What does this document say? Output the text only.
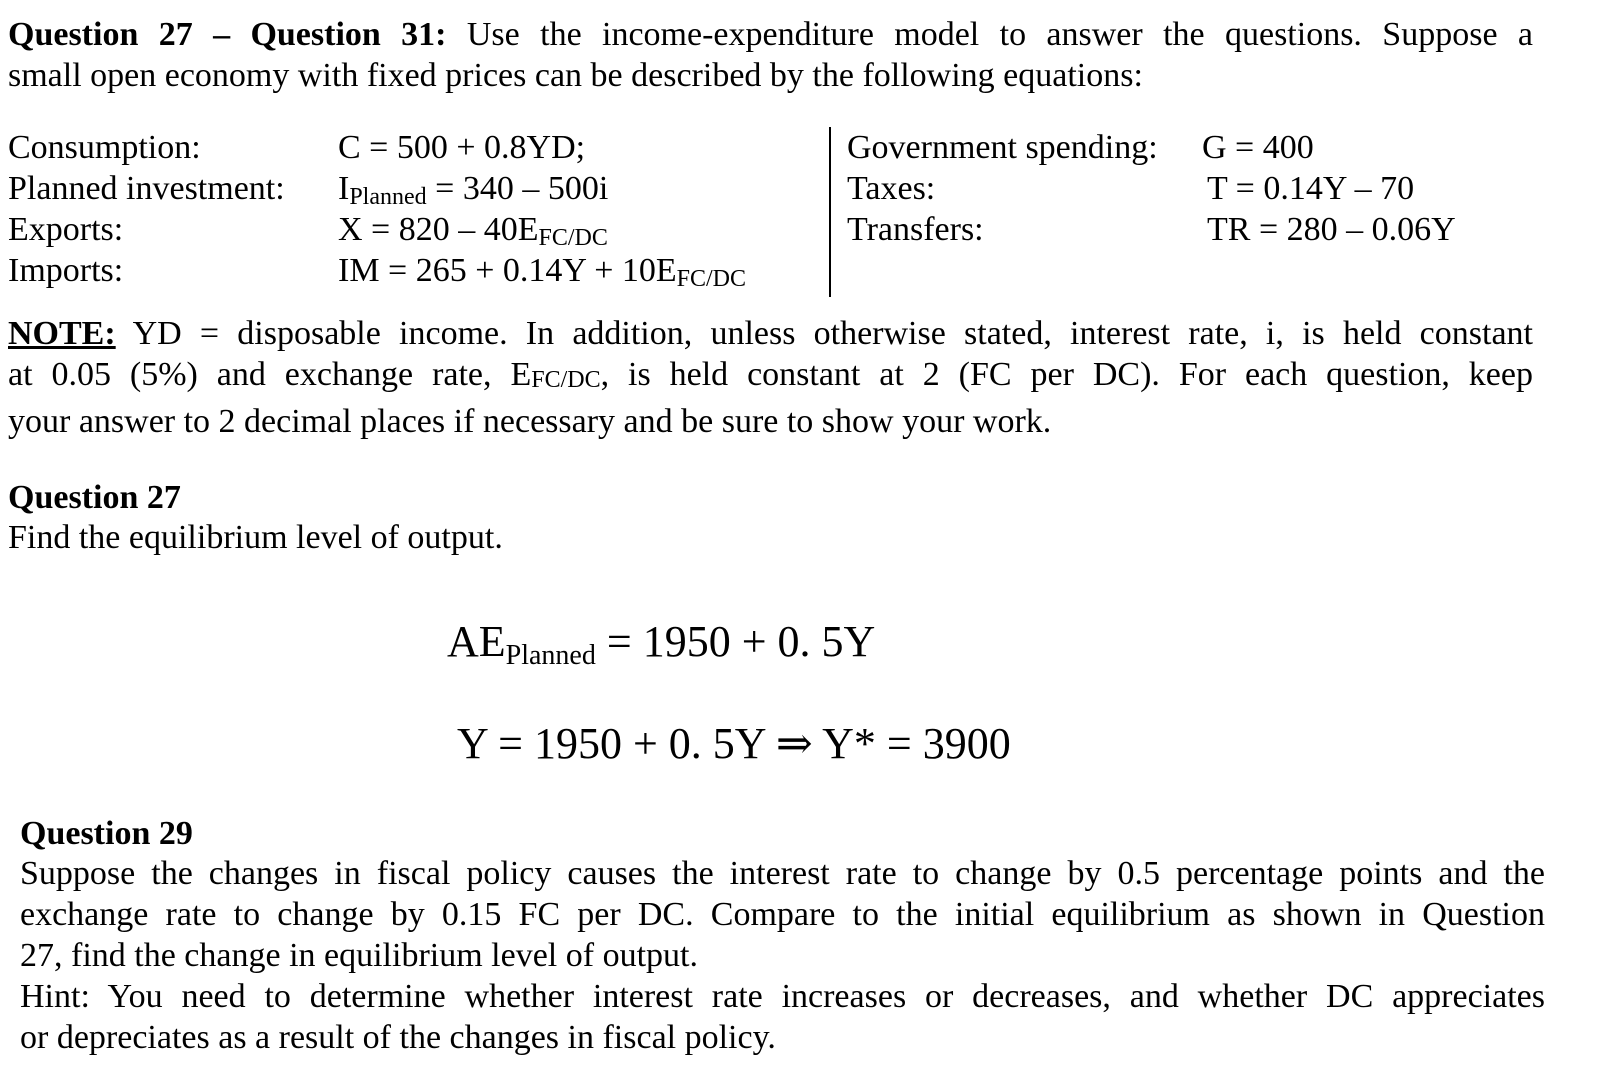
Question 27 – Question 31: Use the income-expenditure model to answer the questions. Suppose a
small open economy with fixed prices can be described by the following equations:
Consumption:	C = 500 + 0.8YD;
Planned investment: $I_{Planned} = 340 - 500i$
Exports:	$X = 820 - 40E_{FC/DC}$
Imports:	IM = $265 + 0.14Y + 10E_{FC/DC}$
Government spending: G = 400
Taxes:	T = 0.14Y – 70
Transfers:	TR = 280 – 0.06Y
NOTE: YD = disposable income. In addition, unless otherwise stated, interest rate, i, is held constant
at 0.05 (5%) and exchange rate, EFC/DC, is held constant at 2 (FC per DC). For each question, keep
your answer to 2 decimal places if necessary and be sure to show your work.
Question 27
Find the equilibrium level of output.
$AE_{Planned} = 1950 + 0$. 5Y
Y = 1950 + 0. 5Y ⇒ Y* = 3900
Question 29
Suppose the changes in fiscal policy causes the interest rate to change by 0.5 percentage points and the
exchange rate to change by 0.15 FC per DC. Compare to the initial equilibrium as shown in Question
27, find the change in equilibrium level of output.
Hint: You need to determine whether interest rate increases or decreases, and whether DC appreciates
or depreciates as a result of the changes in fiscal policy.
